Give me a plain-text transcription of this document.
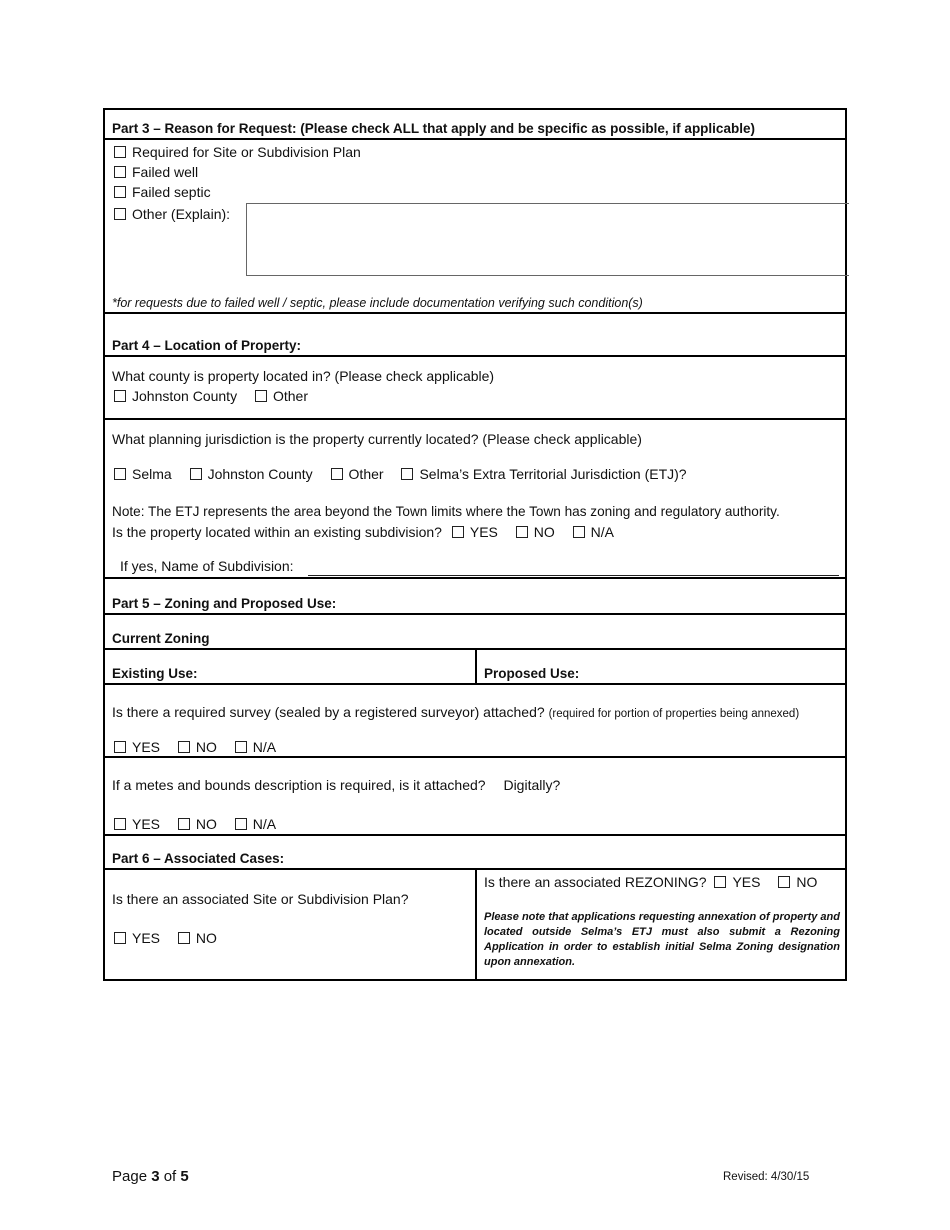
Part 3 – Reason for Request: (Please check ALL that apply and be specific as possible, if applicable)
Required for Site or Subdivision Plan
Failed well
Failed septic
Other (Explain):
*for requests due to failed well / septic, please include documentation verifying such condition(s)
Part 4 – Location of Property:
What county is property located in? (Please check applicable)
Johnston County	Other
What planning jurisdiction is the property currently located? (Please check applicable)
Selma	Johnston County	Other	Selma’s Extra Territorial Jurisdiction (ETJ)?
Note: The ETJ represents the area beyond the Town limits where the Town has zoning and regulatory authority.
Is the property located within an existing subdivision? YES	NO	N/A
If yes, Name of Subdivision:
Part 5 – Zoning and Proposed Use:
Current Zoning
Existing Use:	Proposed Use:
Is there a required survey (sealed by a registered surveyor) attached? (required for portion of properties being annexed)
YES	NO	N/A
If a metes and bounds description is required, is it attached? Digitally?
YES	NO	N/A
Part 6 – Associated Cases:
Is there an associated Site or Subdivision Plan?
YES	NO
Is there an associated REZONING? YES	NO
Please note that applications requesting annexation of property and located outside Selma’s ETJ must also submit a Rezoning Application in order to establish initial Selma Zoning designation upon annexation.
Page 3 of 5	Revised: 4/30/15
